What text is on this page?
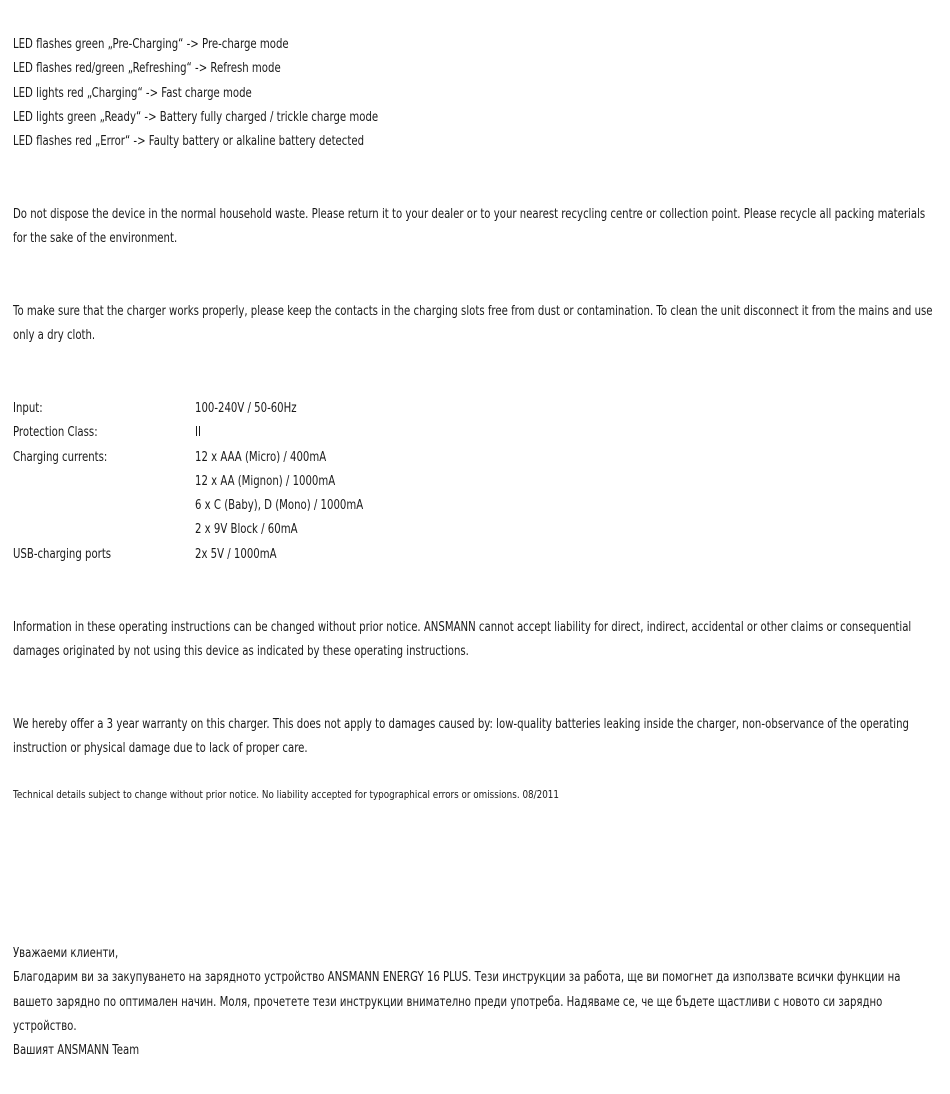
LED flashes green „Pre-Charging“ -> Pre-charge mode
LED flashes red/green „Refreshing“ -> Refresh mode
LED lights red „Charging“ -> Fast charge mode
LED lights green „Ready“ -> Battery fully charged / trickle charge mode
LED flashes red „Error“ -> Faulty battery or alkaline battery detected
Do not dispose the device in the normal household waste. Please return it to your dealer or to your nearest recycling centre or collection point. Please recycle all packing materials for the sake of the environment.
To make sure that the charger works properly, please keep the contacts in the charging slots free from dust or contamination. To clean the unit disconnect it from the mains and use only a dry cloth.
Input:	100-240V / 50-60Hz
Protection Class:	II
Charging currents:	12 x AAA (Micro) / 400mA
12 x AA (Mignon) / 1000mA
6 x C (Baby), D (Mono) / 1000mA
2 x 9V Block / 60mA
USB-charging ports	2x 5V / 1000mA
Information in these operating instructions can be changed without prior notice. ANSMANN cannot accept liability for direct, indirect, accidental or other claims or consequential damages originated by not using this device as indicated by these operating instructions.
We hereby offer a 3 year warranty on this charger. This does not apply to damages caused by: low-quality batteries leaking inside the charger, non-observance of the operating instruction or physical damage due to lack of proper care.
Technical details subject to change without prior notice. No liability accepted for typographical errors or omissions. 08/2011
Уважаеми клиенти,
Благодарим ви за закупуването на зарядното устройство ANSMANN ENERGY 16 PLUS. Тези инструкции за работа, ще ви помогнет да използвате всички функции на вашето зарядно по оптимален начин. Моля, прочетете тези инструкции внимателно преди употреба. Надяваме се, че ще бъдете щастливи с новото си зарядно устройство.
Вашият ANSMANN Team
